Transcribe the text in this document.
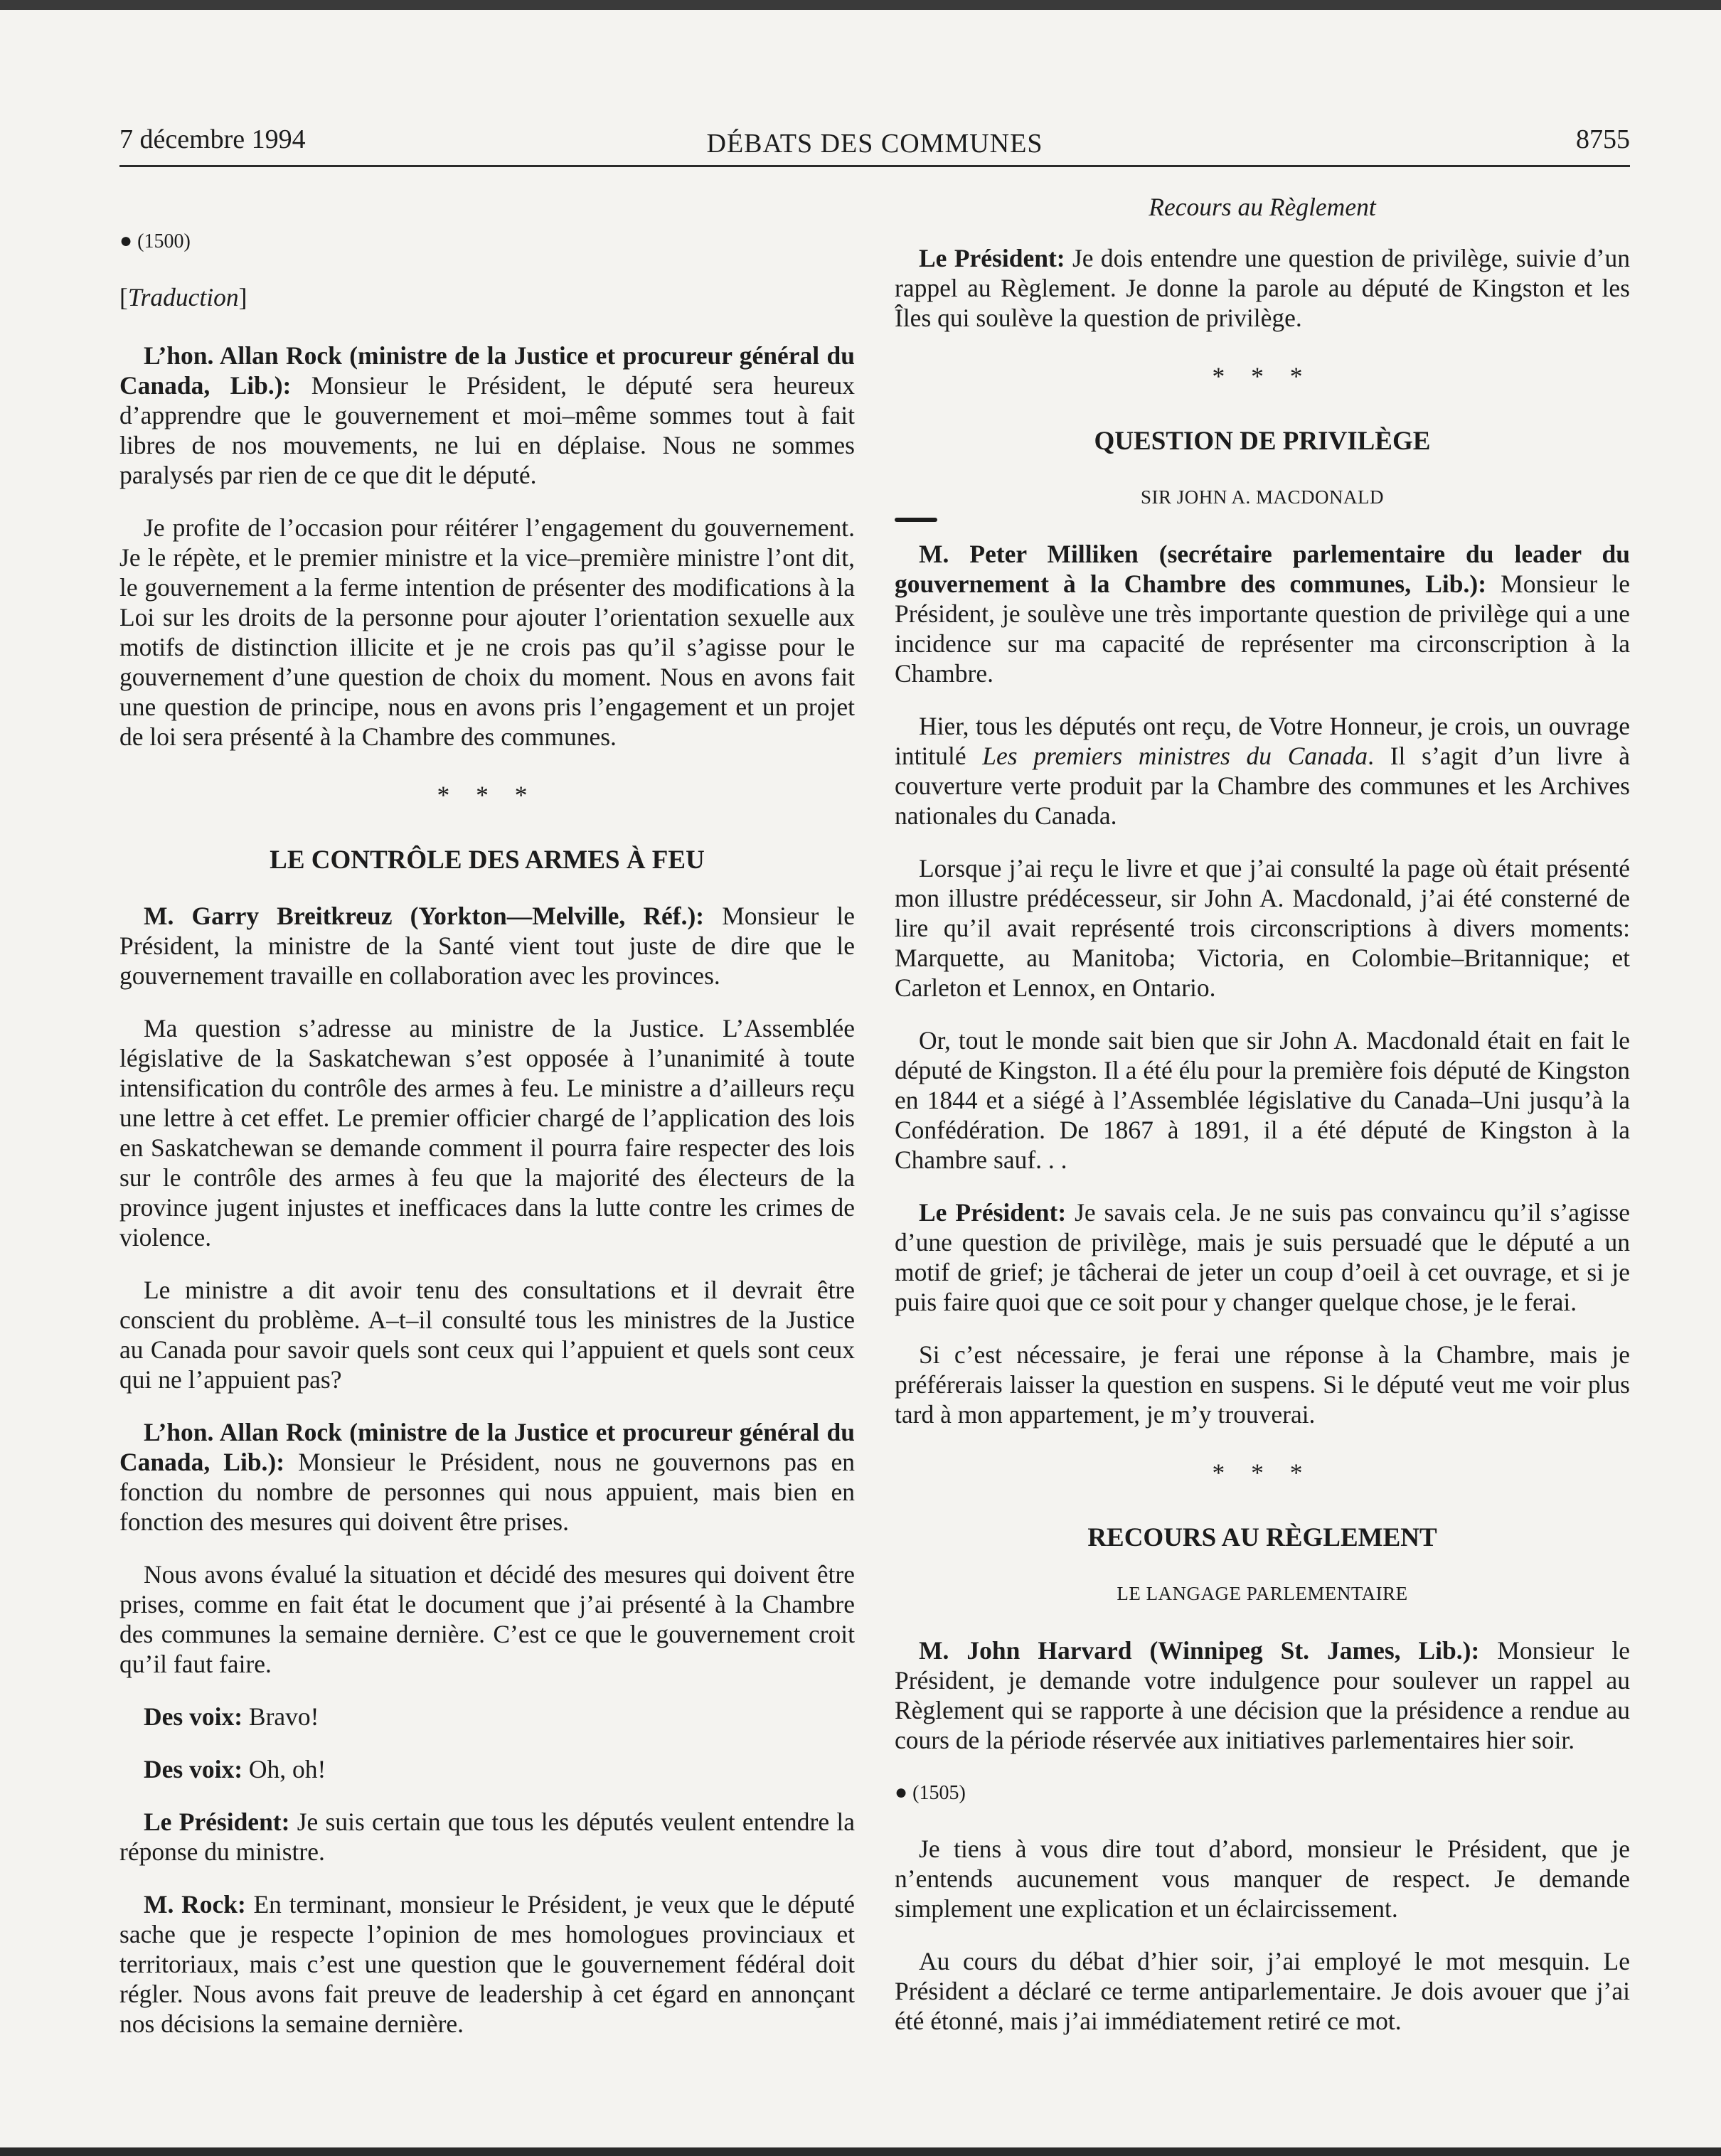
7 décembre 1994	DÉBATS DES COMMUNES	8755

● (1500)

[Traduction]

L’hon. Allan Rock (ministre de la Justice et procureur général du Canada, Lib.): Monsieur le Président, le député sera heureux d’apprendre que le gouvernement et moi–même sommes tout à fait libres de nos mouvements, ne lui en déplaise. Nous ne sommes paralysés par rien de ce que dit le député.

Je profite de l’occasion pour réitérer l’engagement du gouvernement. Je le répète, et le premier ministre et la vice–première ministre l’ont dit, le gouvernement a la ferme intention de présenter des modifications à la Loi sur les droits de la personne pour ajouter l’orientation sexuelle aux motifs de distinction illicite et je ne crois pas qu’il s’agisse pour le gouvernement d’une question de choix du moment. Nous en avons fait une question de principe, nous en avons pris l’engagement et un projet de loi sera présenté à la Chambre des communes.

* * *

LE CONTRÔLE DES ARMES À FEU

M. Garry Breitkreuz (Yorkton—Melville, Réf.): Monsieur le Président, la ministre de la Santé vient tout juste de dire que le gouvernement travaille en collaboration avec les provinces.

Ma question s’adresse au ministre de la Justice. L’Assemblée législative de la Saskatchewan s’est opposée à l’unanimité à toute intensification du contrôle des armes à feu. Le ministre a d’ailleurs reçu une lettre à cet effet. Le premier officier chargé de l’application des lois en Saskatchewan se demande comment il pourra faire respecter des lois sur le contrôle des armes à feu que la majorité des électeurs de la province jugent injustes et inefficaces dans la lutte contre les crimes de violence.

Le ministre a dit avoir tenu des consultations et il devrait être conscient du problème. A–t–il consulté tous les ministres de la Justice au Canada pour savoir quels sont ceux qui l’appuient et quels sont ceux qui ne l’appuient pas?

L’hon. Allan Rock (ministre de la Justice et procureur général du Canada, Lib.): Monsieur le Président, nous ne gouvernons pas en fonction du nombre de personnes qui nous appuient, mais bien en fonction des mesures qui doivent être prises.

Nous avons évalué la situation et décidé des mesures qui doivent être prises, comme en fait état le document que j’ai présenté à la Chambre des communes la semaine dernière. C’est ce que le gouvernement croit qu’il faut faire.

Des voix: Bravo!

Des voix: Oh, oh!

Le Président: Je suis certain que tous les députés veulent entendre la réponse du ministre.

M. Rock: En terminant, monsieur le Président, je veux que le député sache que je respecte l’opinion de mes homologues provinciaux et territoriaux, mais c’est une question que le gouvernement fédéral doit régler. Nous avons fait preuve de leadership à cet égard en annonçant nos décisions la semaine dernière.

Recours au Règlement

Le Président: Je dois entendre une question de privilège, suivie d’un rappel au Règlement. Je donne la parole au député de Kingston et les Îles qui soulève la question de privilège.

* * *

QUESTION DE PRIVILÈGE

SIR JOHN A. MACDONALD

M. Peter Milliken (secrétaire parlementaire du leader du gouvernement à la Chambre des communes, Lib.): Monsieur le Président, je soulève une très importante question de privilège qui a une incidence sur ma capacité de représenter ma circonscription à la Chambre.

Hier, tous les députés ont reçu, de Votre Honneur, je crois, un ouvrage intitulé Les premiers ministres du Canada. Il s’agit d’un livre à couverture verte produit par la Chambre des communes et les Archives nationales du Canada.

Lorsque j’ai reçu le livre et que j’ai consulté la page où était présenté mon illustre prédécesseur, sir John A. Macdonald, j’ai été consterné de lire qu’il avait représenté trois circonscriptions à divers moments: Marquette, au Manitoba; Victoria, en Colombie–Britannique; et Carleton et Lennox, en Ontario.

Or, tout le monde sait bien que sir John A. Macdonald était en fait le député de Kingston. Il a été élu pour la première fois député de Kingston en 1844 et a siégé à l’Assemblée législative du Canada–Uni jusqu’à la Confédération. De 1867 à 1891, il a été député de Kingston à la Chambre sauf. . .

Le Président: Je savais cela. Je ne suis pas convaincu qu’il s’agisse d’une question de privilège, mais je suis persuadé que le député a un motif de grief; je tâcherai de jeter un coup d’oeil à cet ouvrage, et si je puis faire quoi que ce soit pour y changer quelque chose, je le ferai.

Si c’est nécessaire, je ferai une réponse à la Chambre, mais je préférerais laisser la question en suspens. Si le député veut me voir plus tard à mon appartement, je m’y trouverai.

* * *

RECOURS AU RÈGLEMENT

LE LANGAGE PARLEMENTAIRE

M. John Harvard (Winnipeg St. James, Lib.): Monsieur le Président, je demande votre indulgence pour soulever un rappel au Règlement qui se rapporte à une décision que la présidence a rendue au cours de la période réservée aux initiatives parlementaires hier soir.

● (1505)

Je tiens à vous dire tout d’abord, monsieur le Président, que je n’entends aucunement vous manquer de respect. Je demande simplement une explication et un éclaircissement.

Au cours du débat d’hier soir, j’ai employé le mot mesquin. Le Président a déclaré ce terme antiparlementaire. Je dois avouer que j’ai été étonné, mais j’ai immédiatement retiré ce mot.
